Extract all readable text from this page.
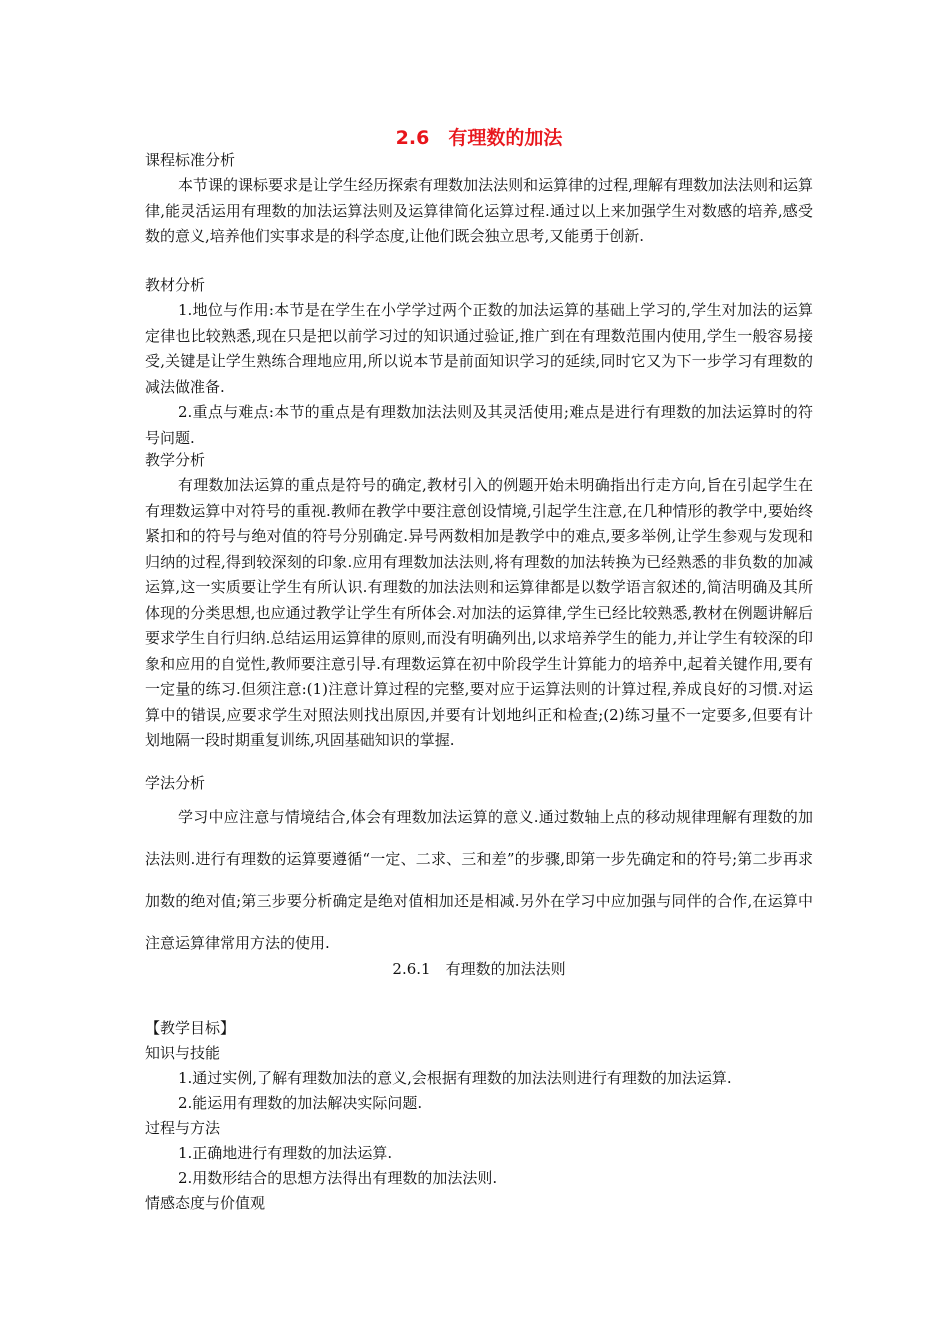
2.6　有理数的加法
课程标准分析

本节课的课标要求是让学生经历探索有理数加法法则和运算律的过程,理解有理数加法法则和运算律,能灵活运用有理数的加法运算法则及运算律简化运算过程.通过以上来加强学生对数感的培养,感受数的意义,培养他们实事求是的科学态度,让他们既会独立思考,又能勇于创新.

教材分析

1.地位与作用:本节是在学生在小学学过两个正数的加法运算的基础上学习的,学生对加法的运算定律也比较熟悉,现在只是把以前学习过的知识通过验证,推广到在有理数范围内使用,学生一般容易接受,关键是让学生熟练合理地应用,所以说本节是前面知识学习的延续,同时它又为下一步学习有理数的减法做准备.

2.重点与难点:本节的重点是有理数加法法则及其灵活使用;难点是进行有理数的加法运算时的符号问题.

教学分析

有理数加法运算的重点是符号的确定,教材引入的例题开始未明确指出行走方向,旨在引起学生在有理数运算中对符号的重视.教师在教学中要注意创设情境,引起学生注意,在几种情形的教学中,要始终紧扣和的符号与绝对值的符号分别确定.异号两数相加是教学中的难点,要多举例,让学生参观与发现和归纳的过程,得到较深刻的印象.应用有理数加法法则,将有理数的加法转换为已经熟悉的非负数的加减运算,这一实质要让学生有所认识.有理数的加法法则和运算律都是以数学语言叙述的,简洁明确及其所体现的分类思想,也应通过教学让学生有所体会.对加法的运算律,学生已经比较熟悉,教材在例题讲解后要求学生自行归纳.总结运用运算律的原则,而没有明确列出,以求培养学生的能力,并让学生有较深的印象和应用的自觉性,教师要注意引导.有理数运算在初中阶段学生计算能力的培养中,起着关键作用,要有一定量的练习.但须注意:(1)注意计算过程的完整,要对应于运算法则的计算过程,养成良好的习惯.对运算中的错误,应要求学生对照法则找出原因,并要有计划地纠正和检查;(2)练习量不一定要多,但要有计划地隔一段时期重复训练,巩固基础知识的掌握.

学法分析

学习中应注意与情境结合,体会有理数加法运算的意义.通过数轴上点的移动规律理解有理数的加法法则.进行有理数的运算要遵循“一定、二求、三和差”的步骤,即第一步先确定和的符号;第二步再求加数的绝对值;第三步要分析确定是绝对值相加还是相减.另外在学习中应加强与同伴的合作,在运算中注意运算律常用方法的使用.

2.6.1　有理数的加法法则
【教学目标】
知识与技能
1.通过实例,了解有理数加法的意义,会根据有理数的加法法则进行有理数的加法运算.
2.能运用有理数的加法解决实际问题.
过程与方法
1.正确地进行有理数的加法运算.
2.用数形结合的思想方法得出有理数的加法法则.
情感态度与价值观
